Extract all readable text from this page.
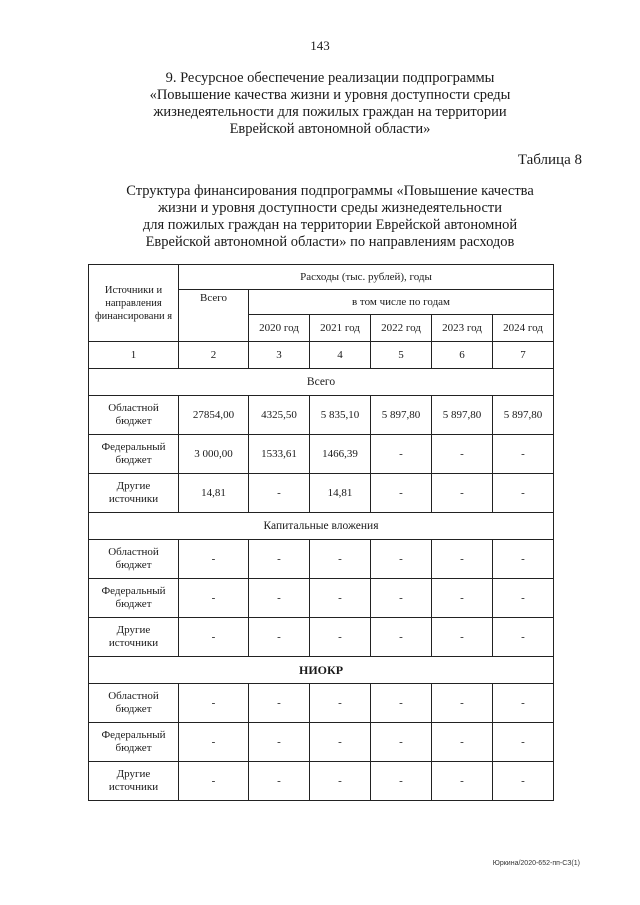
143
9. Ресурсное обеспечение реализации подпрограммы
«Повышение качества жизни и уровня доступности среды
жизнедеятельности для пожилых граждан на территории
Еврейской автономной области»
Таблица 8
Структура финансирования подпрограммы «Повышение качества
жизни и уровня доступности среды жизнедеятельности
для пожилых граждан на территории Еврейской автономной
Еврейской автономной области» по направлениям расходов
Источники и направления финансировани я	Расходы (тыс. рублей), годы					
	Всего	в том числе по годам				
		2020 год	2021 год	2022 год	2023 год	2024 год
1	2	3	4	5	6	7
Всего						
Областной бюджет	27854,00	4325,50	5 835,10	5 897,80	5 897,80	5 897,80
Федеральный бюджет	3 000,00	1533,61	1466,39	-	-	-
Другие источники	14,81	-	14,81	-	-	-
Капитальные вложения						
Областной бюджет	-	-	-	-	-	-
Федеральный бюджет	-	-	-	-	-	-
Другие источники	-	-	-	-	-	-
НИОКР						
Областной бюджет	-	-	-	-	-	-
Федеральный бюджет	-	-	-	-	-	-
Другие источники	-	-	-	-	-	-
Юркина/2020-652-пп-СЗ(1)
